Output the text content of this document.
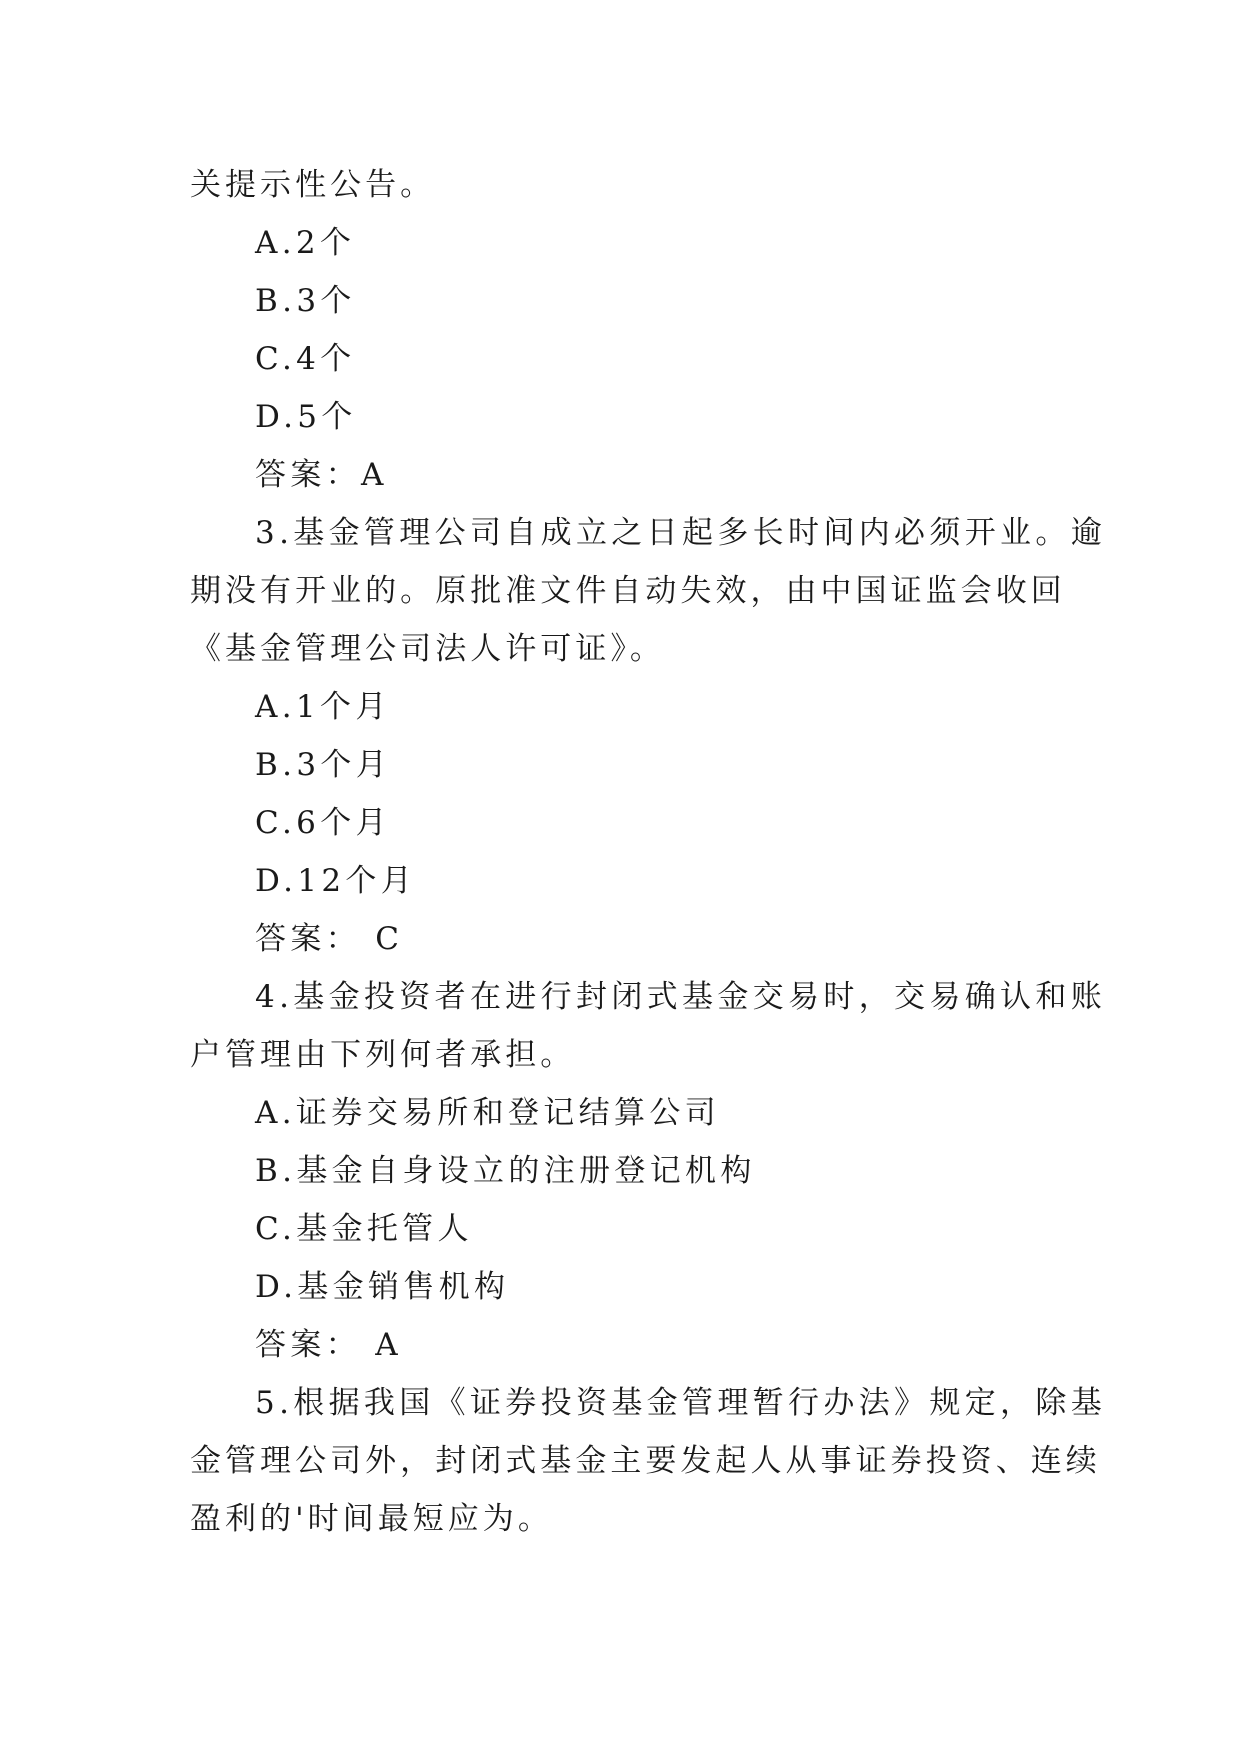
关提示性公告。
A.2个
B.3个
C.4个
D.5个
答案：A
3.基金管理公司自成立之日起多长时间内必须开业。逾
期没有开业的。原批准文件自动失效，由中国证监会收回
《基金管理公司法人许可证》。
A.1个月
B.3个月
C.6个月
D.12个月
答案： C
4.基金投资者在进行封闭式基金交易时，交易确认和账
户管理由下列何者承担。
A.证券交易所和登记结算公司
B.基金自身设立的注册登记机构
C.基金托管人
D.基金销售机构
答案： A
5.根据我国《证券投资基金管理暂行办法》规定，除基
金管理公司外，封闭式基金主要发起人从事证券投资、连续
盈利的'时间最短应为。
